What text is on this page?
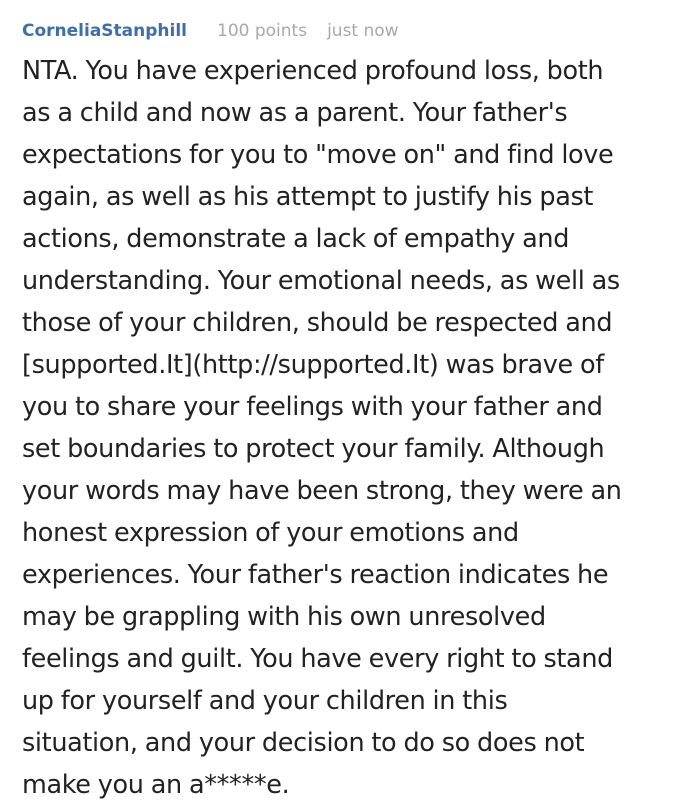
CorneliaStanphill 100 points just now
NTA. You have experienced profound loss, both
as a child and now as a parent. Your father's
expectations for you to "move on" and find love
again, as well as his attempt to justify his past
actions, demonstrate a lack of empathy and
understanding. Your emotional needs, as well as
those of your children, should be respected and
[supported.It](http://supported.It) was brave of
you to share your feelings with your father and
set boundaries to protect your family. Although
your words may have been strong, they were an
honest expression of your emotions and
experiences. Your father's reaction indicates he
may be grappling with his own unresolved
feelings and guilt. You have every right to stand
up for yourself and your children in this
situation, and your decision to do so does not
make you an a*****e.
